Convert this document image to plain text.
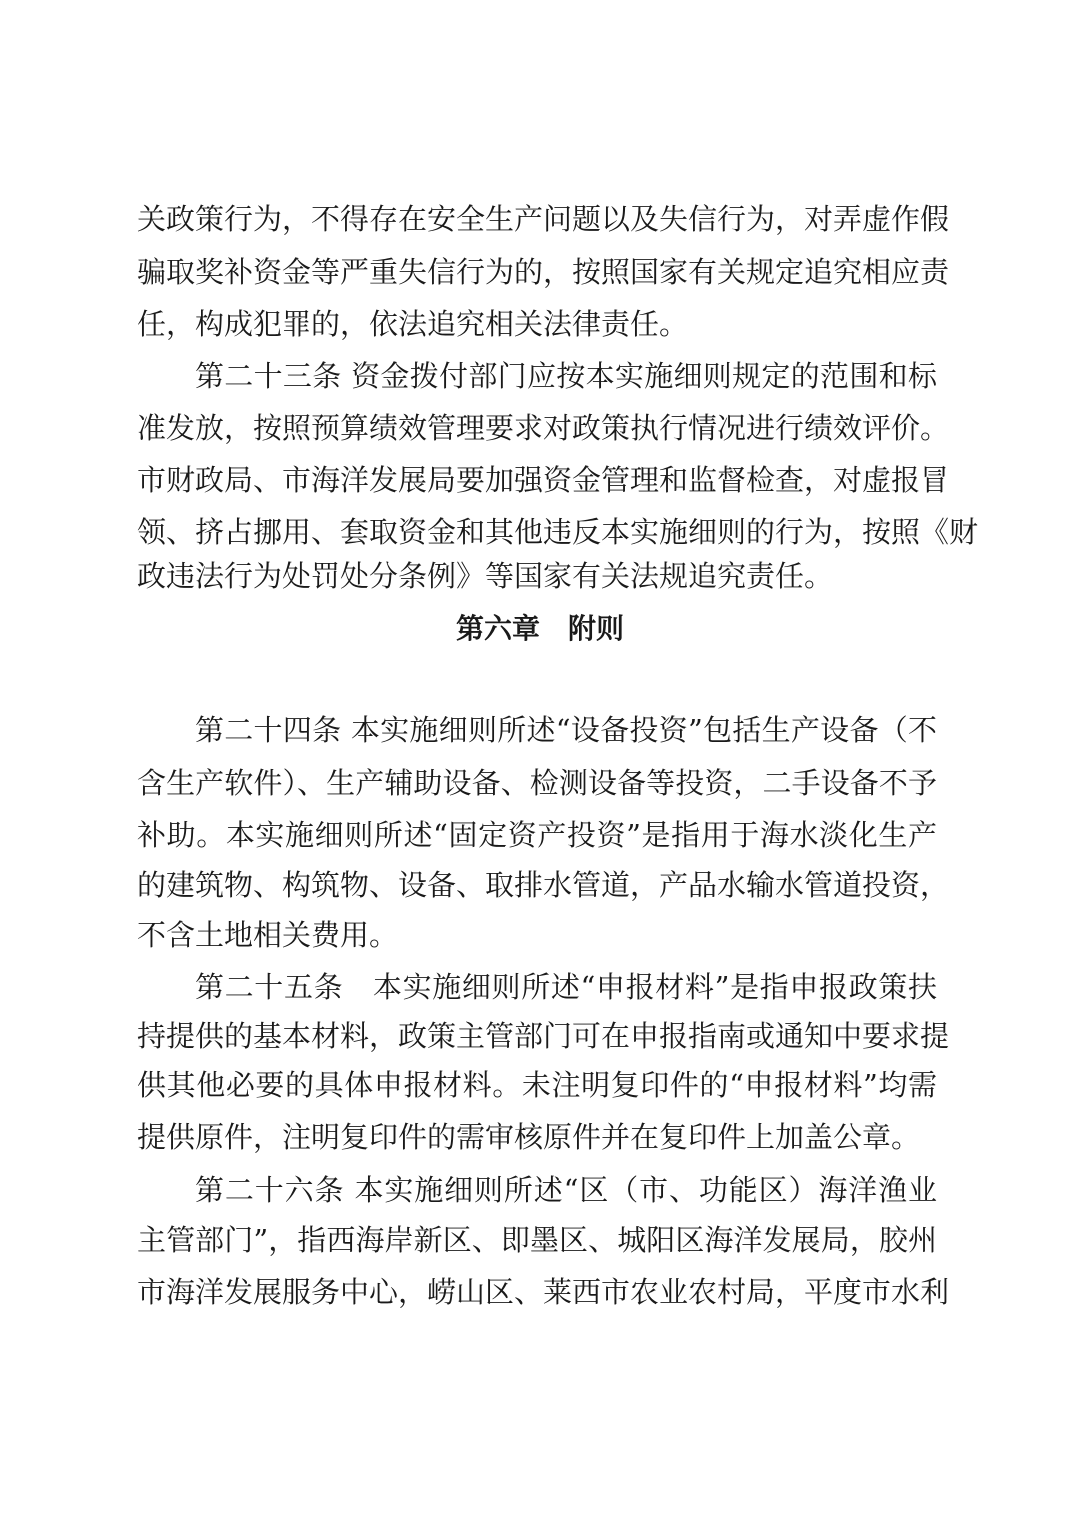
关政策行为，不得存在安全生产问题以及失信行为，对弄虚作假
骗取奖补资金等严重失信行为的，按照国家有关规定追究相应责
任，构成犯罪的，依法追究相关法律责任。
第二十三条 资金拨付部门应按本实施细则规定的范围和标
准发放，按照预算绩效管理要求对政策执行情况进行绩效评价。
市财政局、市海洋发展局要加强资金管理和监督检查，对虚报冒
领、挤占挪用、套取资金和其他违反本实施细则的行为，按照《财
政违法行为处罚处分条例》等国家有关法规追究责任。
第六章　附则
第二十四条 本实施细则所述“设备投资”包括生产设备（不
含生产软件）、生产辅助设备、检测设备等投资，二手设备不予
补助。本实施细则所述“固定资产投资”是指用于海水淡化生产
的建筑物、构筑物、设备、取排水管道，产品水输水管道投资，
不含土地相关费用。
第二十五条　本实施细则所述“申报材料”是指申报政策扶
持提供的基本材料，政策主管部门可在申报指南或通知中要求提
供其他必要的具体申报材料。未注明复印件的“申报材料”均需
提供原件，注明复印件的需审核原件并在复印件上加盖公章。
第二十六条 本实施细则所述“区（市、功能区）海洋渔业
主管部门”，指西海岸新区、即墨区、城阳区海洋发展局，胶州
市海洋发展服务中心，崂山区、莱西市农业农村局，平度市水利
